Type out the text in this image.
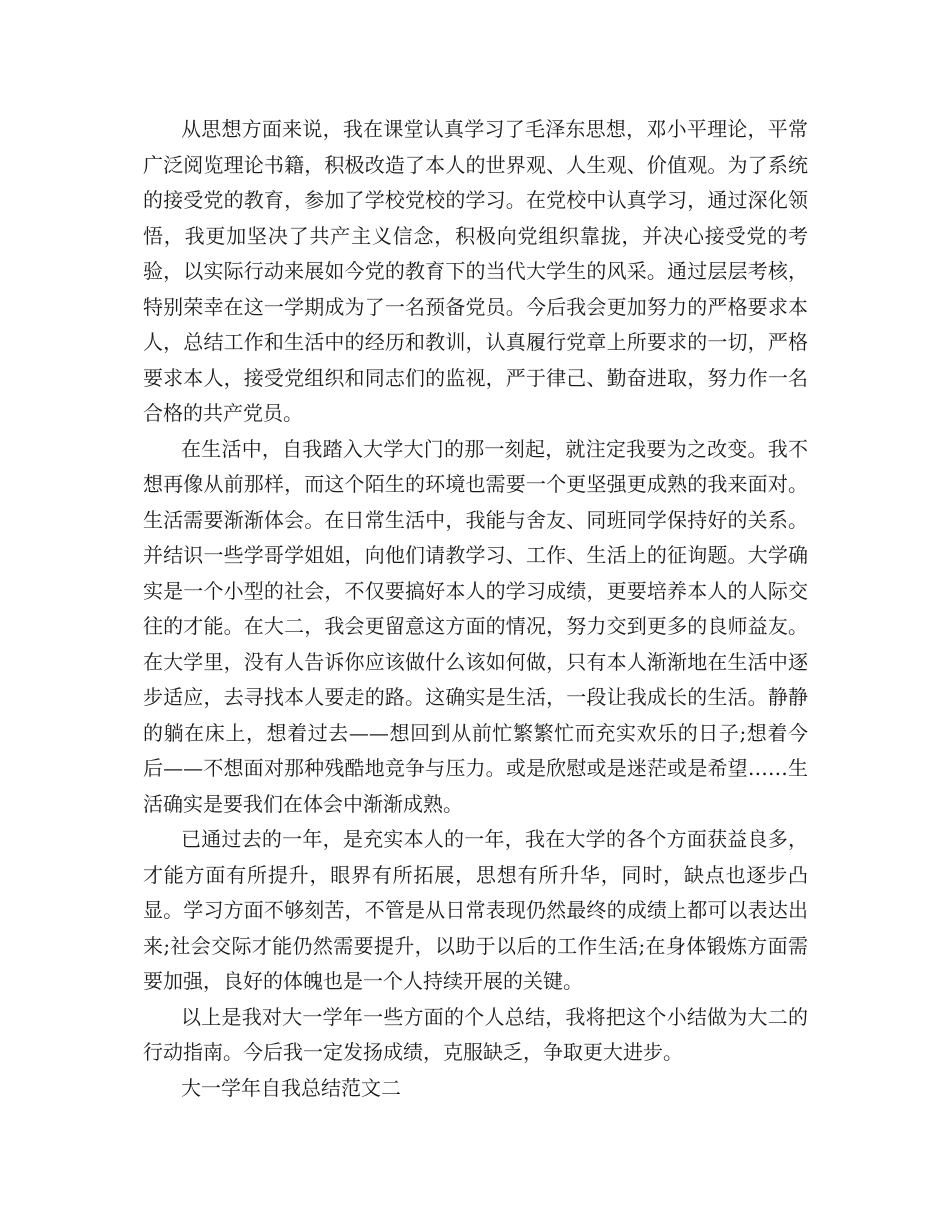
从思想方面来说，我在课堂认真学习了毛泽东思想，邓小平理论，平常广泛阅览理论书籍，积极改造了本人的世界观、人生观、价值观。为了系统的接受党的教育，参加了学校党校的学习。在党校中认真学习，通过深化领悟，我更加坚决了共产主义信念，积极向党组织靠拢，并决心接受党的考验，以实际行动来展如今党的教育下的当代大学生的风采。通过层层考核，特别荣幸在这一学期成为了一名预备党员。今后我会更加努力的严格要求本人，总结工作和生活中的经历和教训，认真履行党章上所要求的一切，严格要求本人，接受党组织和同志们的监视，严于律己、勤奋进取，努力作一名合格的共产党员。

在生活中，自我踏入大学大门的那一刻起，就注定我要为之改变。我不想再像从前那样，而这个陌生的环境也需要一个更坚强更成熟的我来面对。生活需要渐渐体会。在日常生活中，我能与舍友、同班同学保持好的关系。并结识一些学哥学姐姐，向他们请教学习、工作、生活上的征询题。大学确实是一个小型的社会，不仅要搞好本人的学习成绩，更要培养本人的人际交往的才能。在大二，我会更留意这方面的情况，努力交到更多的良师益友。在大学里，没有人告诉你应该做什么该如何做，只有本人渐渐地在生活中逐步适应，去寻找本人要走的路。这确实是生活，一段让我成长的生活。静静的躺在床上，想着过去——想回到从前忙繁繁忙而充实欢乐的日子;想着今后——不想面对那种残酷地竞争与压力。或是欣慰或是迷茫或是希望……生活确实是要我们在体会中渐渐成熟。

已通过去的一年，是充实本人的一年，我在大学的各个方面获益良多，才能方面有所提升，眼界有所拓展，思想有所升华，同时，缺点也逐步凸显。学习方面不够刻苦，不管是从日常表现仍然最终的成绩上都可以表达出来;社会交际才能仍然需要提升，以助于以后的工作生活;在身体锻炼方面需要加强，良好的体魄也是一个人持续开展的关键。

以上是我对大一学年一些方面的个人总结，我将把这个小结做为大二的行动指南。今后我一定发扬成绩，克服缺乏，争取更大进步。

大一学年自我总结范文二
